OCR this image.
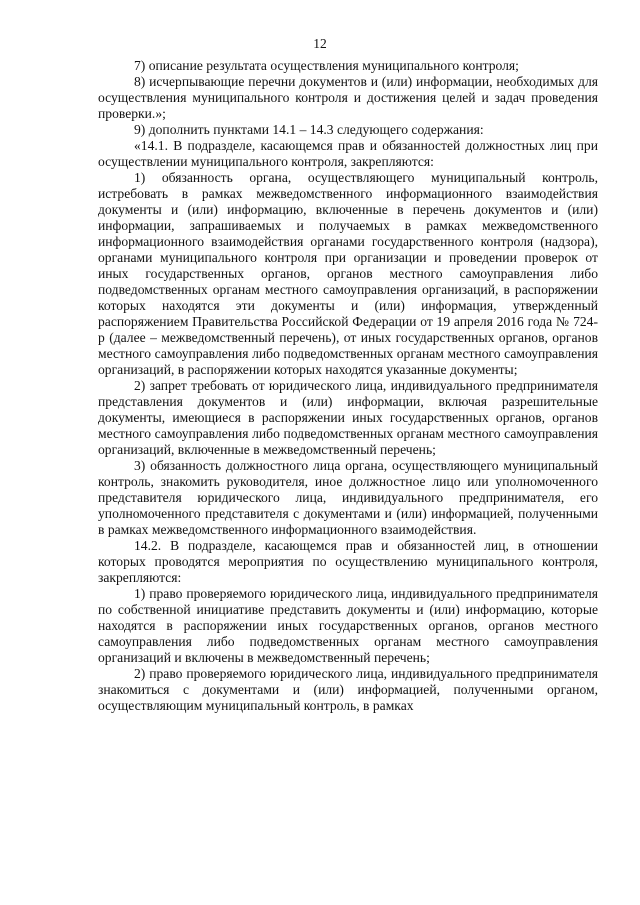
12

7) описание результата осуществления муниципального контроля;

8) исчерпывающие перечни документов и (или) информации, необходимых для осуществления муниципального контроля и достижения целей и задач проведения проверки.»;

9) дополнить пунктами 14.1 – 14.3 следующего содержания:

«14.1. В подразделе, касающемся прав и обязанностей должностных лиц при осуществлении муниципального контроля, закрепляются:

1) обязанность органа, осуществляющего муниципальный контроль, истребовать в рамках межведомственного информационного взаимодействия документы и (или) информацию, включенные в перечень документов и (или) информации, запрашиваемых и получаемых в рамках межведомственного информационного взаимодействия органами государственного контроля (надзора), органами муниципального контроля при организации и проведении проверок от иных государственных органов, органов местного самоуправления либо подведомственных органам местного самоуправления организаций, в распоряжении которых находятся эти документы и (или) информация, утвержденный распоряжением Правительства Российской Федерации от 19 апреля 2016 года № 724-р (далее – межведомственный перечень), от иных государственных органов, органов местного самоуправления либо подведомственных органам местного самоуправления организаций, в распоряжении которых находятся указанные документы;

2) запрет требовать от юридического лица, индивидуального предпринимателя представления документов и (или) информации, включая разрешительные документы, имеющиеся в распоряжении иных государственных органов, органов местного самоуправления либо подведомственных органам местного самоуправления организаций, включенные в межведомственный перечень;

3) обязанность должностного лица органа, осуществляющего муниципальный контроль, знакомить руководителя, иное должностное лицо или уполномоченного представителя юридического лица, индивидуального предпринимателя, его уполномоченного представителя с документами и (или) информацией, полученными в рамках межведомственного информационного взаимодействия.

14.2. В подразделе, касающемся прав и обязанностей лиц, в отношении которых проводятся мероприятия по осуществлению муниципального контроля, закрепляются:

1) право проверяемого юридического лица, индивидуального предпринимателя по собственной инициативе представить документы и (или) информацию, которые находятся в распоряжении иных государственных органов, органов местного самоуправления либо подведомственных органам местного самоуправления организаций и включены в межведомственный перечень;

2) право проверяемого юридического лица, индивидуального предпринимателя знакомиться с документами и (или) информацией, полученными органом, осуществляющим муниципальный контроль, в рамках
